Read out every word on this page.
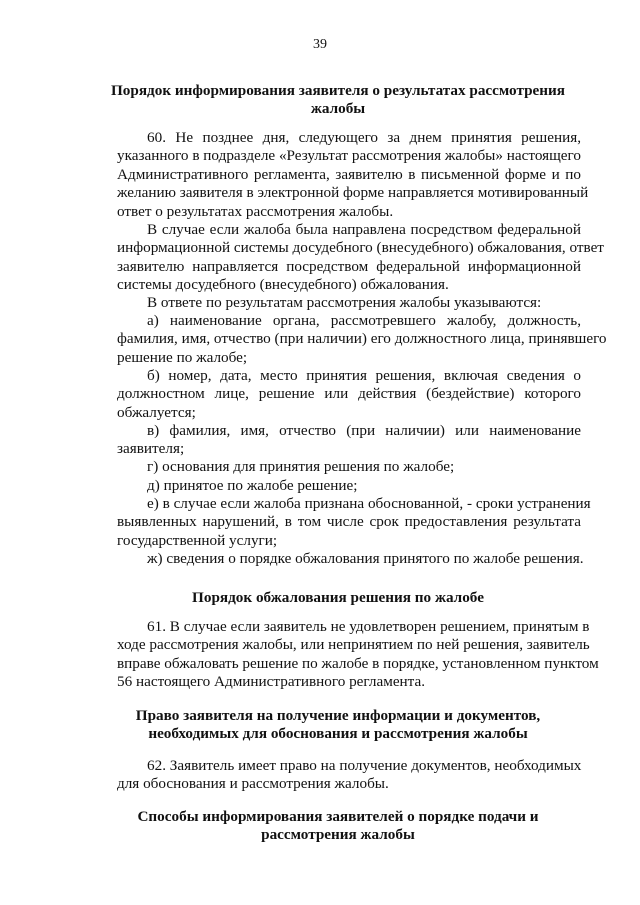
39
Порядок информирования заявителя о результатах рассмотрения
жалобы
60. Не позднее дня, следующего за днем принятия решения,
указанного в подразделе «Результат рассмотрения жалобы» настоящего
Административного регламента, заявителю в письменной форме и по
желанию заявителя в электронной форме направляется мотивированный
ответ о результатах рассмотрения жалобы.
В случае если жалоба была направлена посредством федеральной
информационной системы досудебного (внесудебного) обжалования, ответ
заявителю направляется посредством федеральной информационной
системы досудебного (внесудебного) обжалования.
В ответе по результатам рассмотрения жалобы указываются:
а) наименование органа, рассмотревшего жалобу, должность,
фамилия, имя, отчество (при наличии) его должностного лица, принявшего
решение по жалобе;
б) номер, дата, место принятия решения, включая сведения о
должностном лице, решение или действия (бездействие) которого
обжалуется;
в) фамилия, имя, отчество (при наличии) или наименование
заявителя;
г) основания для принятия решения по жалобе;
д) принятое по жалобе решение;
е) в случае если жалоба признана обоснованной, - сроки устранения
выявленных нарушений, в том числе срок предоставления результата
государственной услуги;
ж) сведения о порядке обжалования принятого по жалобе решения.
Порядок обжалования решения по жалобе
61. В случае если заявитель не удовлетворен решением, принятым в
ходе рассмотрения жалобы, или непринятием по ней решения, заявитель
вправе обжаловать решение по жалобе в порядке, установленном пунктом
56 настоящего Административного регламента.
Право заявителя на получение информации и документов,
необходимых для обоснования и рассмотрения жалобы
62. Заявитель имеет право на получение документов, необходимых
для обоснования и рассмотрения жалобы.
Способы информирования заявителей о порядке подачи и
рассмотрения жалобы
